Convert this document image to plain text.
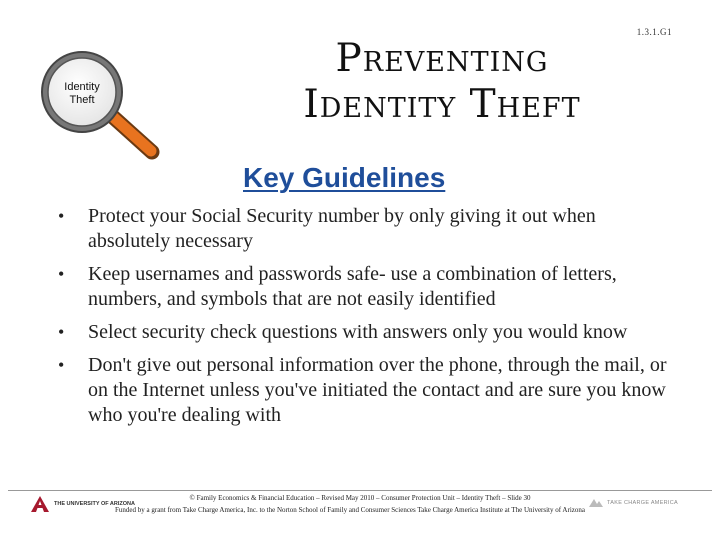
1.3.1.G1
Identity
Theft
Preventing
Identity Theft
Key Guidelines
• Protect your Social Security number by only giving it out when absolutely necessary
• Keep usernames and passwords safe- use a combination of letters, numbers, and symbols that are not easily identified
• Select security check questions with answers only you would know
• Don't give out personal information over the phone, through the mail, or on the Internet unless you've initiated the contact and are sure you know who you're dealing with
THE UNIVERSITY OF ARIZONA
© Family Economics & Financial Education – Revised May 2010 – Consumer Protection Unit – Identity Theft – Slide 30
Funded by a grant from Take Charge America, Inc. to the Norton School of Family and Consumer Sciences Take Charge America Institute at The University of Arizona
TAKE CHARGE AMERICA
